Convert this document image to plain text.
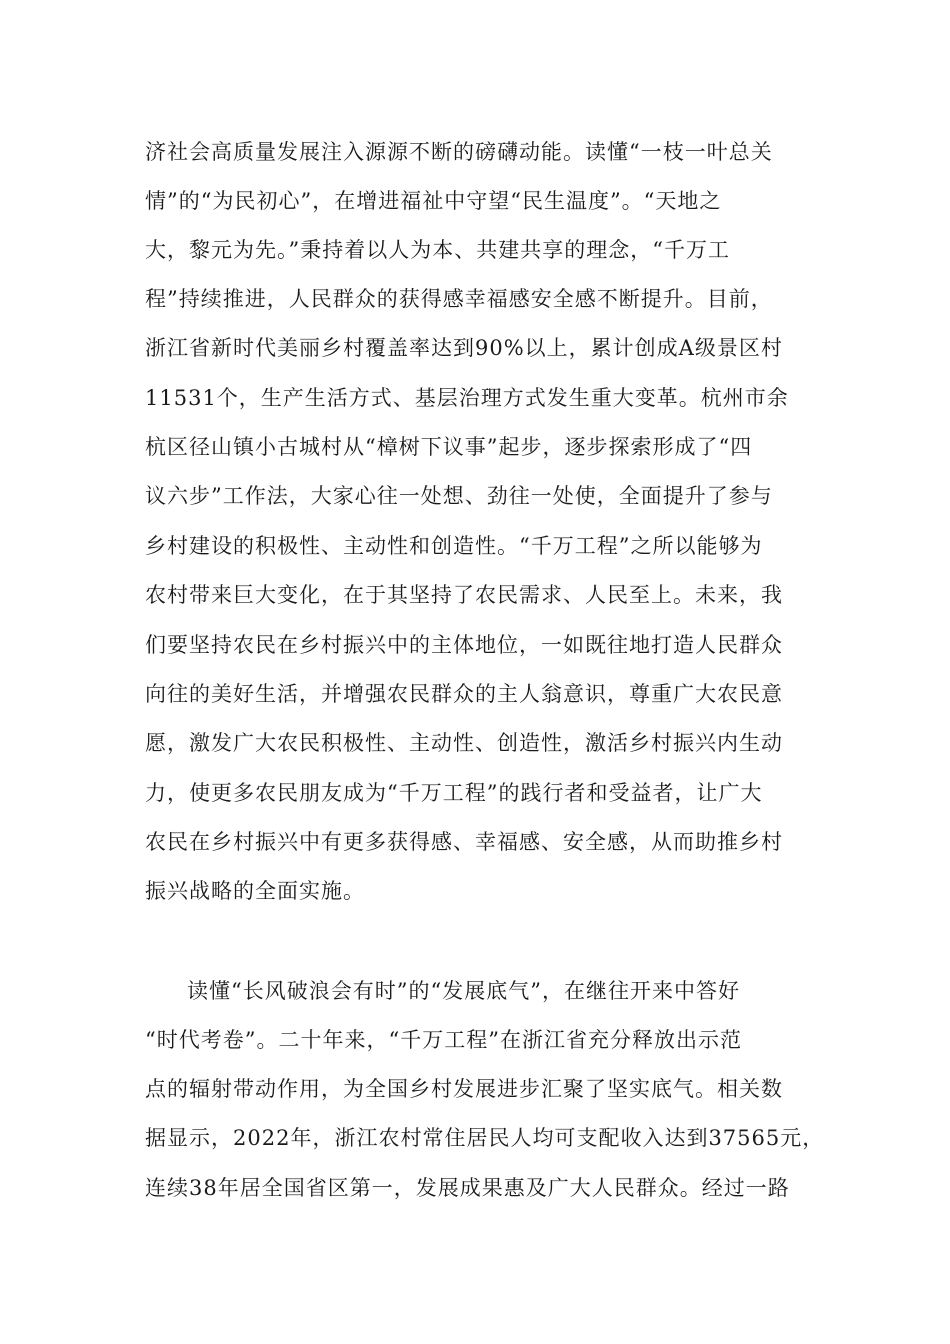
济社会高质量发展注入源源不断的磅礴动能。读懂“一枝一叶总关
情”的“为民初心”，在增进福祉中守望“民生温度”。“天地之
大，黎元为先。”秉持着以人为本、共建共享的理念，“千万工
程”持续推进，人民群众的获得感幸福感安全感不断提升。目前，
浙江省新时代美丽乡村覆盖率达到90%以上，累计创成A级景区村
11531个，生产生活方式、基层治理方式发生重大变革。杭州市余
杭区径山镇小古城村从“樟树下议事”起步，逐步探索形成了“四
议六步”工作法，大家心往一处想、劲往一处使，全面提升了参与
乡村建设的积极性、主动性和创造性。“千万工程”之所以能够为
农村带来巨大变化，在于其坚持了农民需求、人民至上。未来，我
们要坚持农民在乡村振兴中的主体地位，一如既往地打造人民群众
向往的美好生活，并增强农民群众的主人翁意识，尊重广大农民意
愿，激发广大农民积极性、主动性、创造性，激活乡村振兴内生动
力，使更多农民朋友成为“千万工程”的践行者和受益者，让广大
农民在乡村振兴中有更多获得感、幸福感、安全感，从而助推乡村
振兴战略的全面实施。
读懂“长风破浪会有时”的“发展底气”，在继往开来中答好
“时代考卷”。二十年来，“千万工程”在浙江省充分释放出示范
点的辐射带动作用，为全国乡村发展进步汇聚了坚实底气。相关数
据显示，2022年，浙江农村常住居民人均可支配收入达到37565元，
连续38年居全国省区第一，发展成果惠及广大人民群众。经过一路
